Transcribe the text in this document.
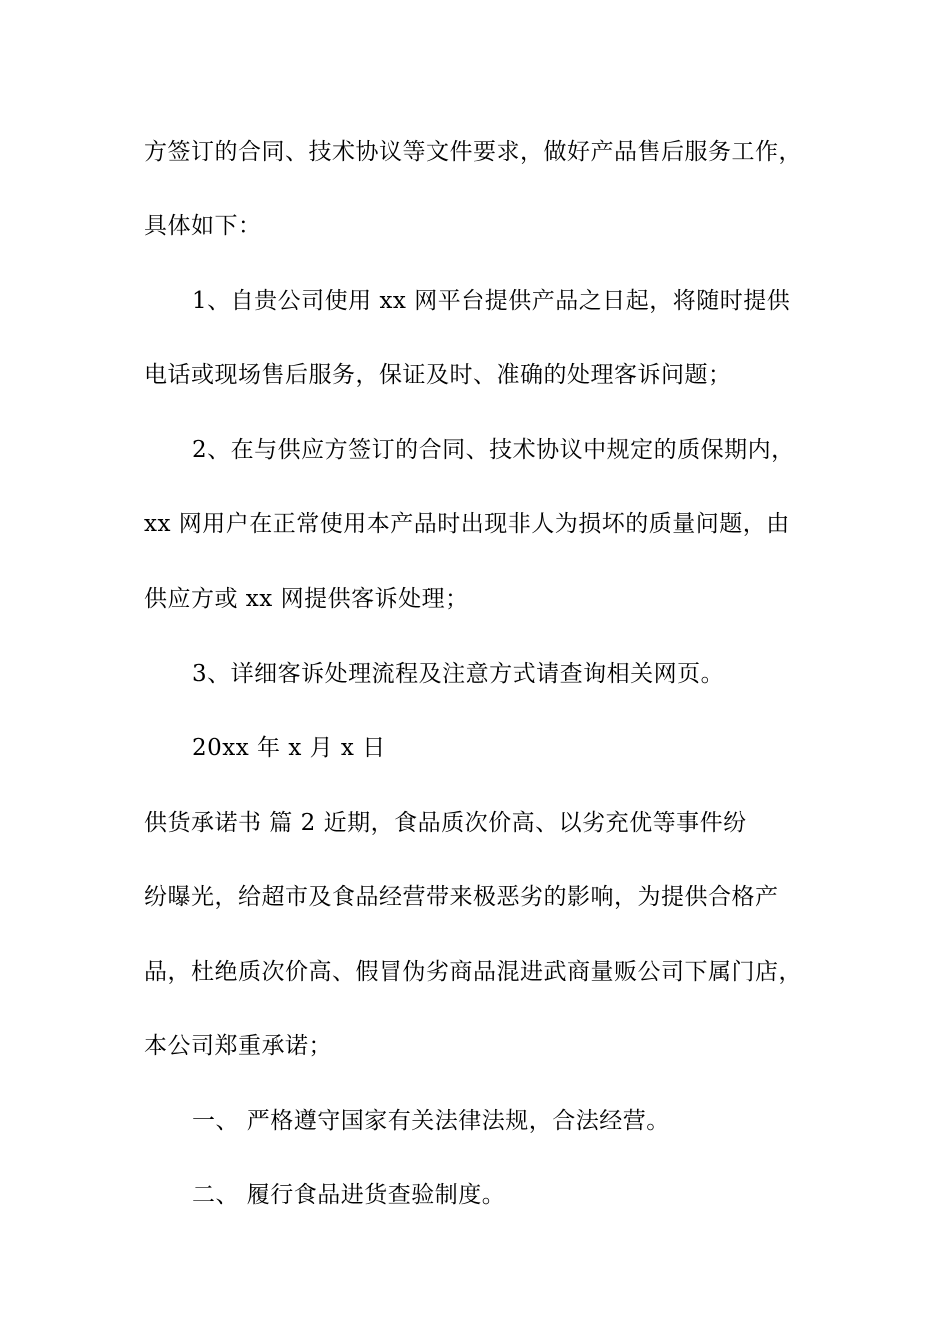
方签订的合同、技术协议等文件要求，做好产品售后服务工作，
具体如下：
1、自贵公司使用 xx 网平台提供产品之日起，将随时提供
电话或现场售后服务，保证及时、准确的处理客诉问题；
2、在与供应方签订的合同、技术协议中规定的质保期内，
xx 网用户在正常使用本产品时出现非人为损坏的质量问题，由
供应方或 xx 网提供客诉处理；
3、详细客诉处理流程及注意方式请查询相关网页。
20xx 年 x 月 x 日
供货承诺书 篇 2 近期，食品质次价高、以劣充优等事件纷
纷曝光，给超市及食品经营带来极恶劣的影响，为提供合格产
品，杜绝质次价高、假冒伪劣商品混进武商量贩公司下属门店，
本公司郑重承诺；
一、 严格遵守国家有关法律法规，合法经营。
二、 履行食品进货查验制度。
